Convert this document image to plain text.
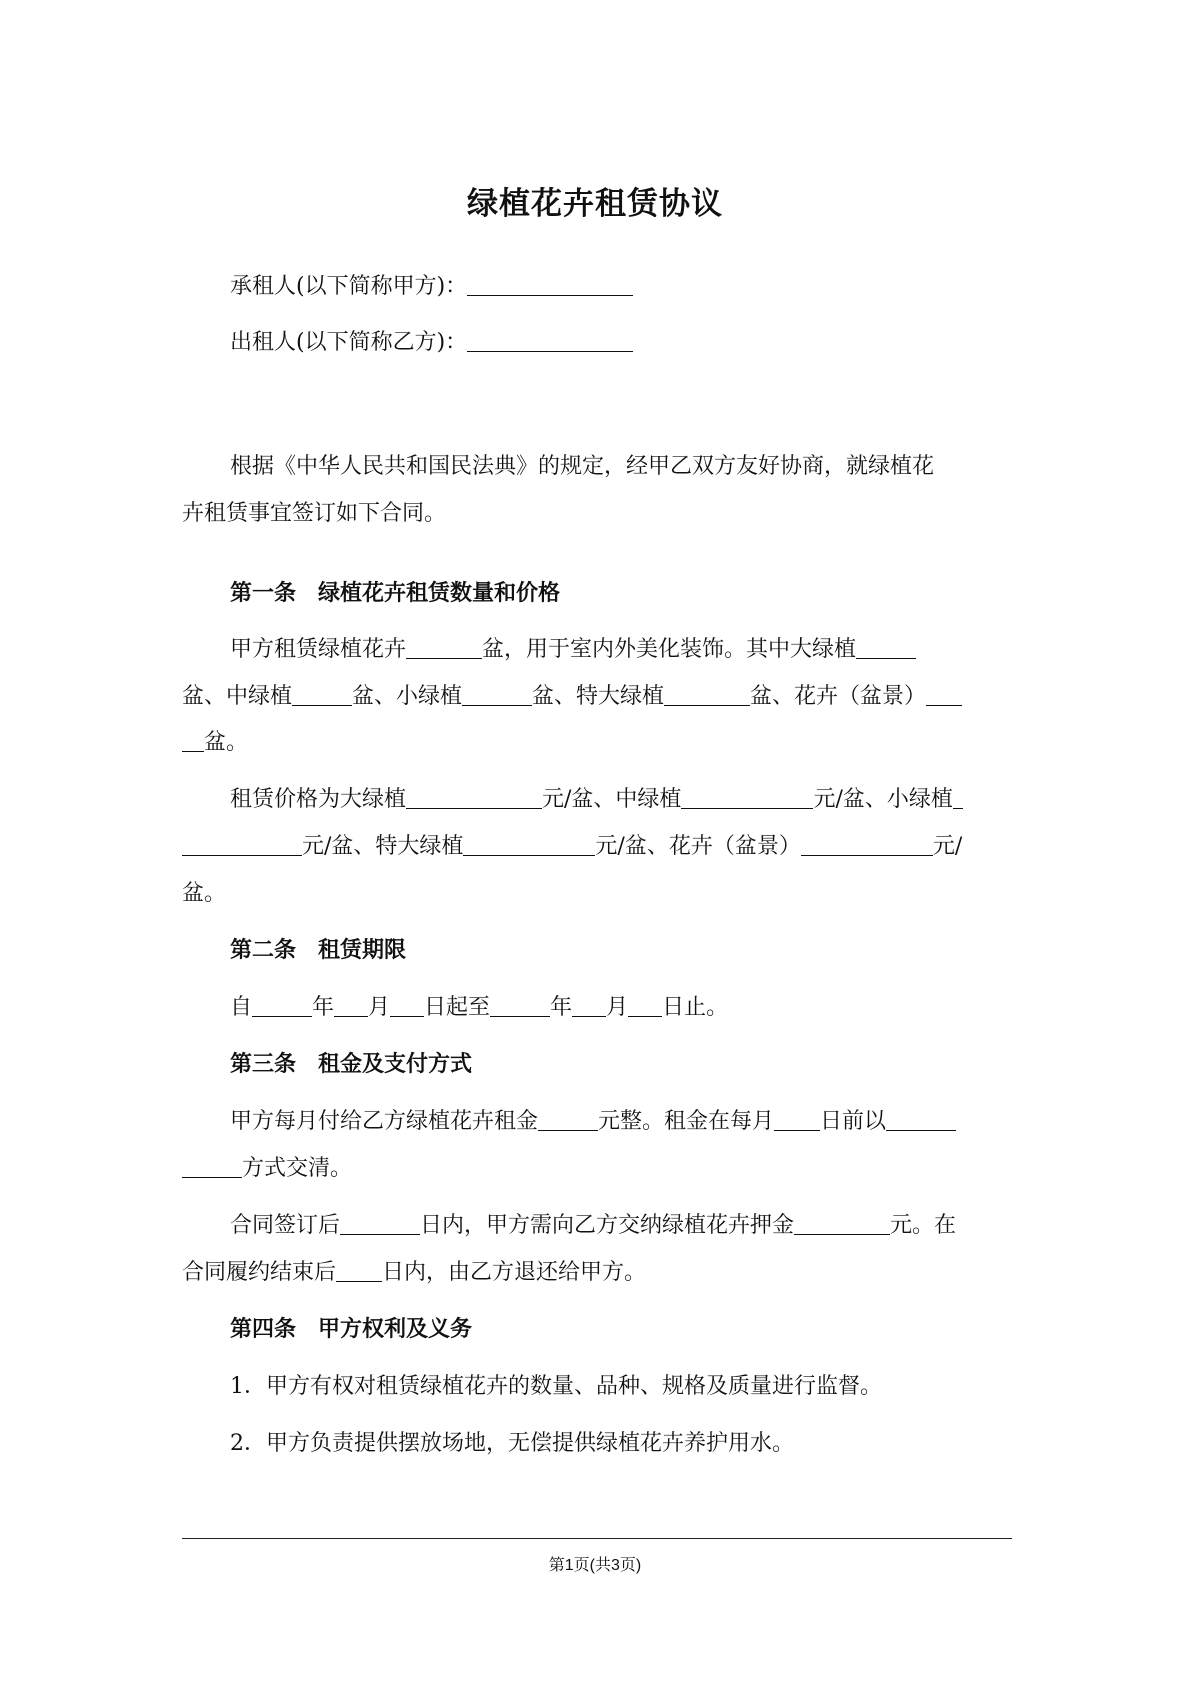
绿植花卉租赁协议
承租人(以下简称甲方)：
出租人(以下简称乙方)：
根据《中华人民共和国民法典》的规定，经甲乙双方友好协商，就绿植花
卉租赁事宜签订如下合同。
第一条 绿植花卉租赁数量和价格
甲方租赁绿植花卉	盆，用于室内外美化装饰。其中大绿植
盆、中绿植	盆、小绿植	盆、特大绿植	盆、花卉（盆景）
盆。
租赁价格为大绿植	元/盆、中绿植	元/盆、小绿植
元/盆、特大绿植	元/盆、花卉（盆景）	元/
盆。
第二条 租赁期限
自	年 月 日起至	年 月 日止。
第三条 租金及支付方式
甲方每月付给乙方绿植花卉租金	元整。租金在每月 日前以
方式交清。
合同签订后	日内，甲方需向乙方交纳绿植花卉押金	元。在
合同履约结束后 日内，由乙方退还给甲方。
第四条 甲方权利及义务
1．甲方有权对租赁绿植花卉的数量、品种、规格及质量进行监督。
2．甲方负责提供摆放场地，无偿提供绿植花卉养护用水。
第1页(共3页)
